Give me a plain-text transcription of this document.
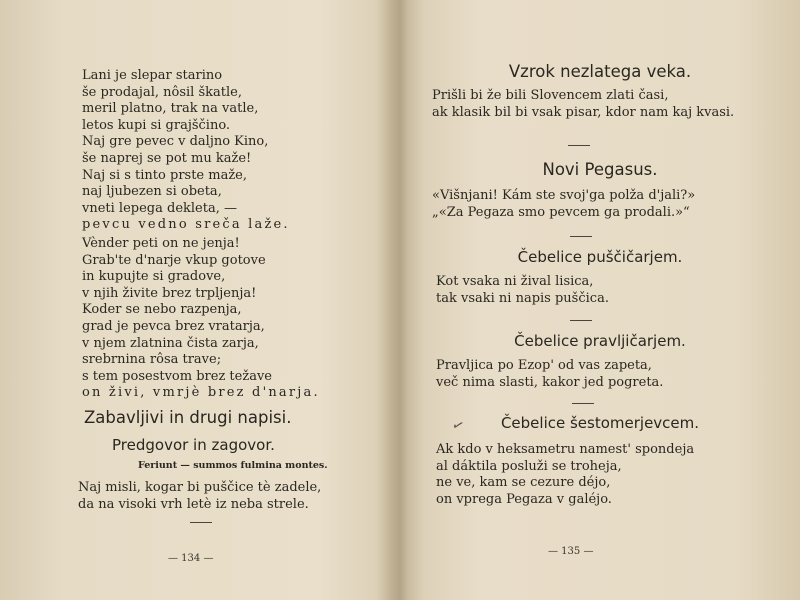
Lani je slepar starino
še prodajal, nôsil škatle,
meril platno, trak na vatle,
letos kupi si grajščino.
Naj gre pevec v daljno Kino,
še naprej se pot mu kaže!
Naj si s tinto prste maže,
naj ljubezen si obeta,
vneti lepega dekleta, —
pevcu vedno sreča laže.
Vènder peti on ne jenja!
Grab'te d'narje vkup gotove
in kupujte si gradove,
v njih živite brez trpljenja!
Koder se nebo razpenja,
grad je pevca brez vratarja,
v njem zlatnina čista zarja,
srebrnina rôsa trave;
s tem posestvom brez težave
on živi, vmrjè brez d'narja.
Zabavljivi in drugi napisi.
Predgovor in zagovor.
Feriunt — summos fulmina montes.
Naj misli, kogar bi puščice tè zadele,
da na visoki vrh letè iz neba strele.
— 134 —
Vzrok nezlatega veka.
Prišli bi že bili Slovencem zlati časi,
ak klasik bil bi vsak pisar, kdor nam kaj kvasi.
Novi Pegasus.
«Višnjani! Kám ste svoj'ga polža d'jali?»
„«Za Pegaza smo pevcem ga prodali.»“
Čebelice puščičarjem.
Kot vsaka ni žival lisica,
tak vsaki ni napis puščica.
Čebelice pravljičarjem.
Pravljica po Ezop' od vas zapeta,
več nima slasti, kakor jed pogreta.
✓	Čebelice šestomerjevcem.
Ak kdo v heksametru namest' spondeja
al dáktila posluži se troheja,
ne ve, kam se cezure déjo,
on vprega Pegaza v galéjo.
— 135 —
